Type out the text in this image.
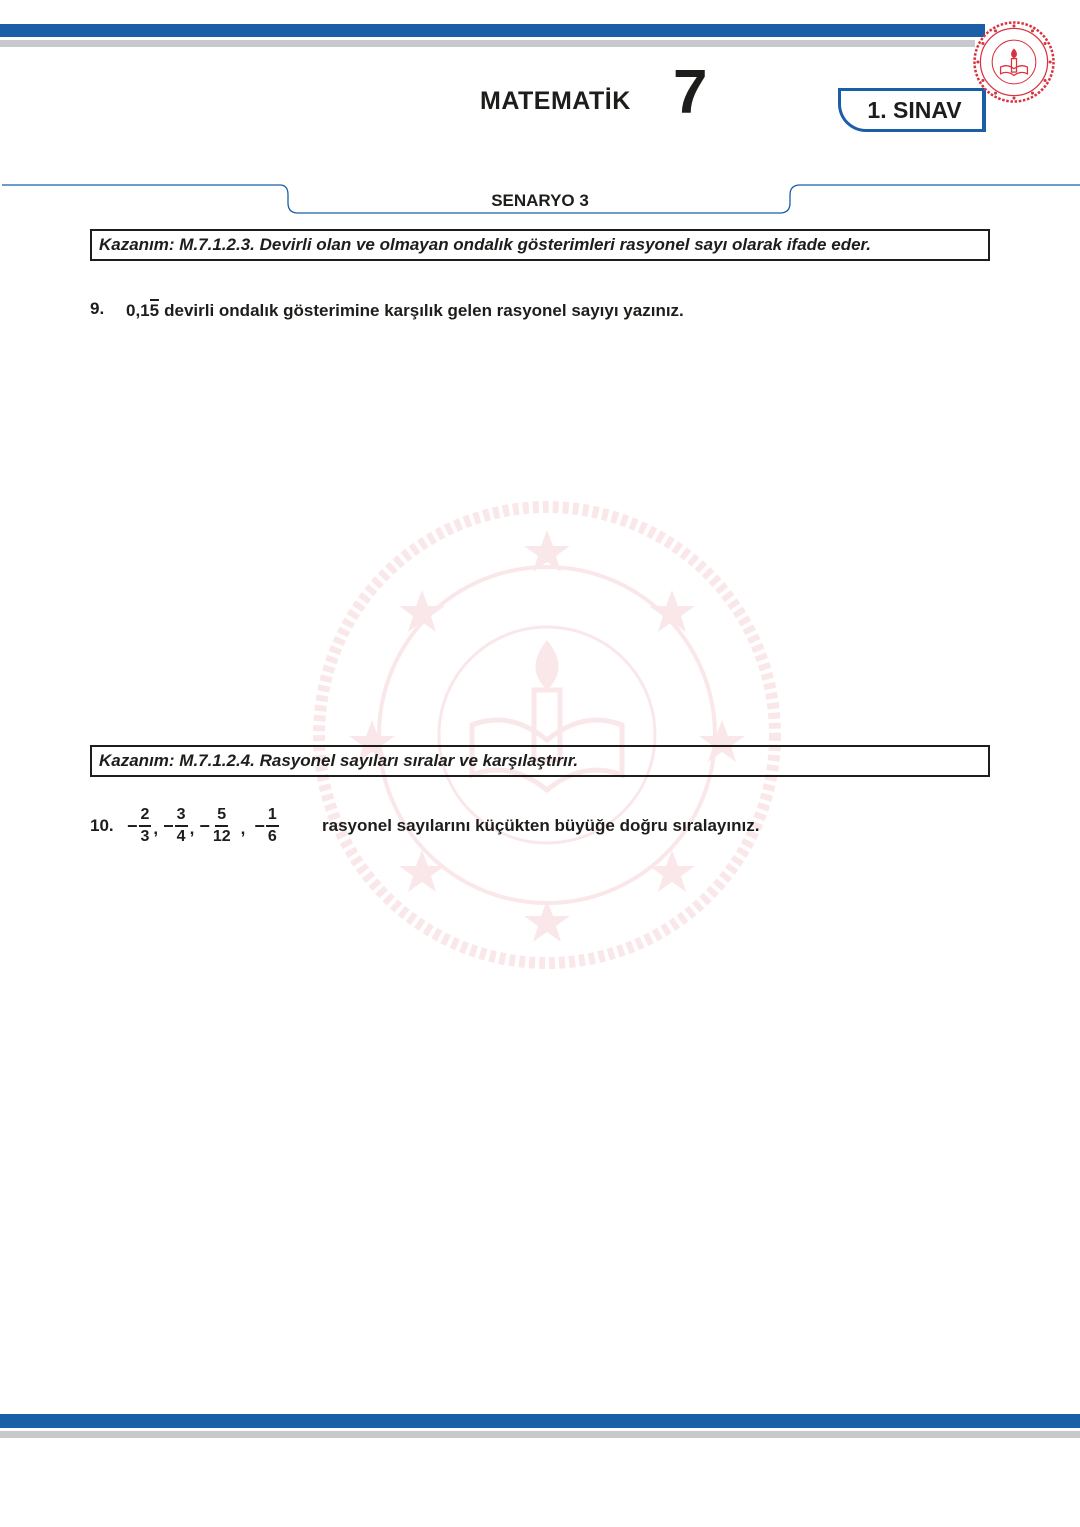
MATEMATİK 7	1. SINAV
SENARYO 3
Kazanım: M.7.1.2.3. Devirli olan ve olmayan ondalık gösterimleri rasyonel sayı olarak ifade eder.
9. 0,1 5 devirli ondalık gösterimine karşılık gelen rasyonel sayıyı yazınız.
Kazanım: M.7.1.2.4. Rasyonel sayıları sıralar ve karşılaştırır.
10. − $\frac{2}{3}$ , − $\frac{3}{4}$ , − $\frac{5}{12}$ , − $\frac{1}{6}$	rasyonel sayılarını küçükten büyüğe doğru sıralayınız.
